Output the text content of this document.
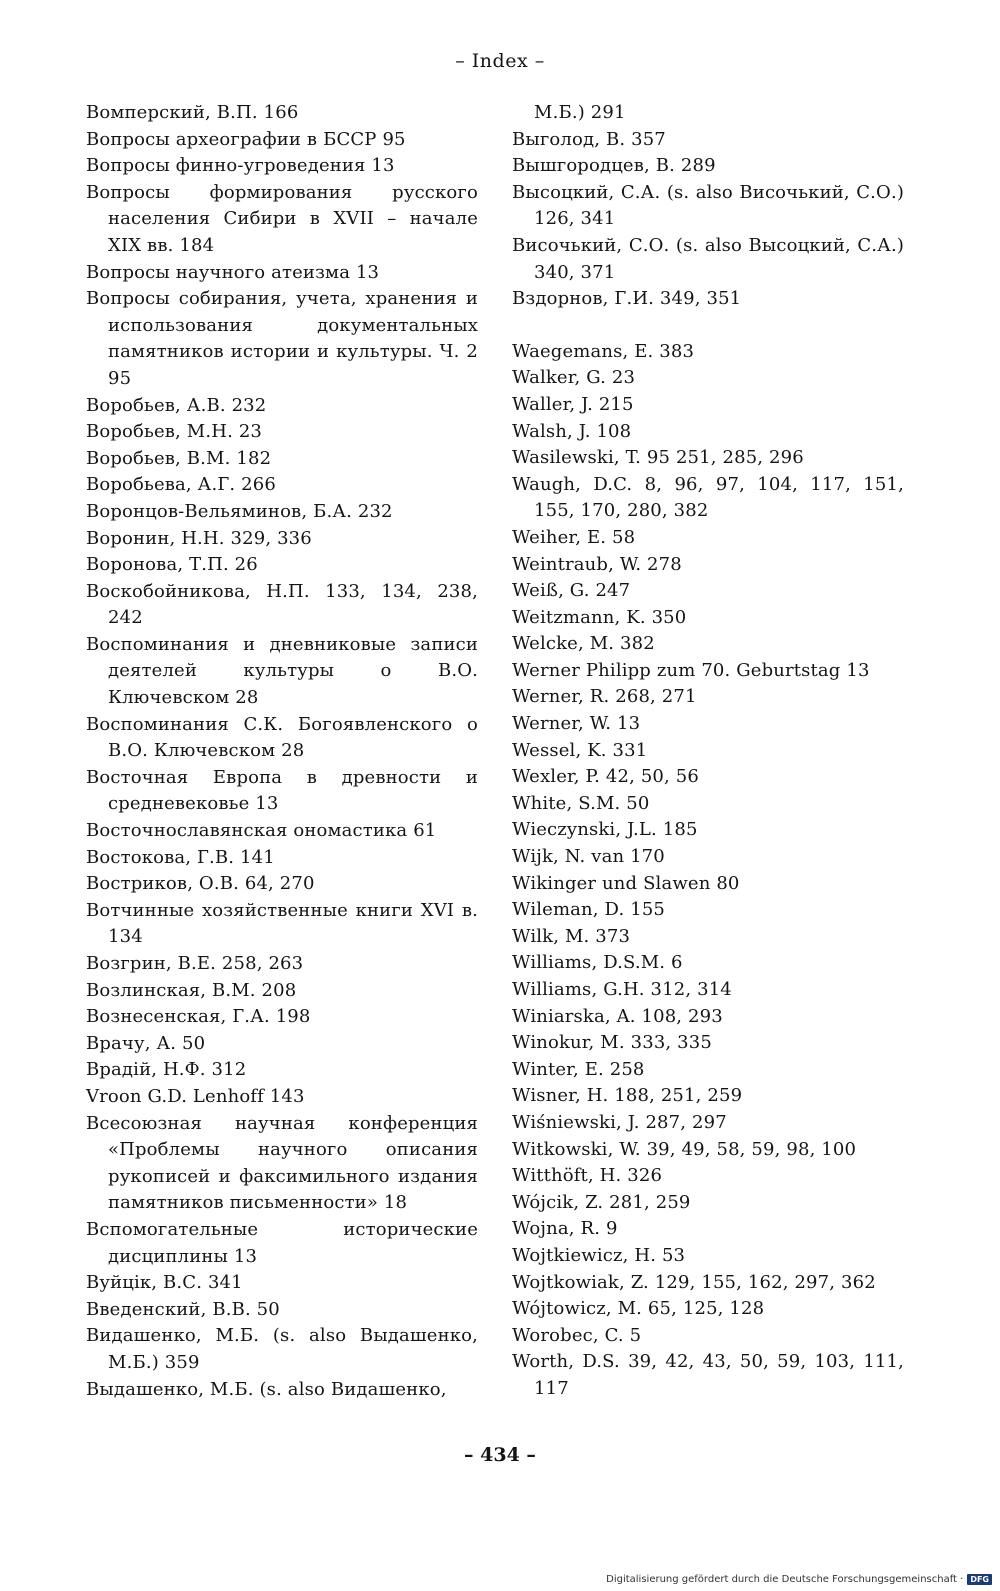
– Index –
Вомперский, В.П. 166
Вопросы археографии в БССР 95
Вопросы финно-угроведения 13
Вопросы формирования русского населения Сибири в XVII – начале XIX вв. 184
Вопросы научного атеизма 13
Вопросы собирания, учета, хранения и использования документальных памятников истории и культуры. Ч. 2 95
Воробьев, А.В. 232
Воробьев, М.Н. 23
Воробьев, В.М. 182
Воробьева, А.Г. 266
Воронцов-Вельяминов, Б.А. 232
Воронин, Н.Н. 329, 336
Воронова, Т.П. 26
Воскобойникова, Н.П. 133, 134, 238, 242
Воспоминания и дневниковые записи деятелей культуры о В.О. Ключевском 28
Воспоминания С.К. Богоявленского о В.О. Ключевском 28
Восточная Европа в древности и средневековье 13
Восточнославянская ономастика 61
Востокова, Г.В. 141
Востриков, О.В. 64, 270
Вотчинные хозяйственные книги XVI в. 134
Возгрин, В.Е. 258, 263
Возлинская, В.М. 208
Вознесенская, Г.А. 198
Врачу, А. 50
Врадій, Н.Ф. 312
Vroon G.D. Lenhoff 143
Всесоюзная научная конференция «Проблемы научного описания рукописей и факсимильного издания памятников письменности» 18
Вспомогательные исторические дисциплины 13
Вуйцік, В.С. 341
Введенский, В.В. 50
Видашенко, М.Б. (s. also Выдашенко, М.Б.) 359
Выдашенко, М.Б. (s. also Видашенко,
М.Б.) 291
Выголод, В. 357
Вышгородцев, В. 289
Высоцкий, С.А. (s. also Височький, С.О.) 126, 341
Височький, С.О. (s. also Высоцкий, С.А.) 340, 371
Вздорнов, Г.И. 349, 351
Waegemans, E. 383
Walker, G. 23
Waller, J. 215
Walsh, J. 108
Wasilewski, T. 95 251, 285, 296
Waugh, D.C. 8, 96, 97, 104, 117, 151, 155, 170, 280, 382
Weiher, E. 58
Weintraub, W. 278
Weiß, G. 247
Weitzmann, K. 350
Welcke, M. 382
Werner Philipp zum 70. Geburtstag 13
Werner, R. 268, 271
Werner, W. 13
Wessel, K. 331
Wexler, P. 42, 50, 56
White, S.M. 50
Wieczynski, J.L. 185
Wijk, N. van 170
Wikinger und Slawen 80
Wileman, D. 155
Wilk, M. 373
Williams, D.S.M. 6
Williams, G.H. 312, 314
Winiarska, A. 108, 293
Winokur, M. 333, 335
Winter, E. 258
Wisner, H. 188, 251, 259
Wiśniewski, J. 287, 297
Witkowski, W. 39, 49, 58, 59, 98, 100
Witthöft, H. 326
Wójcik, Z. 281, 259
Wojna, R. 9
Wojtkiewicz, H. 53
Wojtkowiak, Z. 129, 155, 162, 297, 362
Wójtowicz, M. 65, 125, 128
Worobec, C. 5
Worth, D.S. 39, 42, 43, 50, 59, 103, 111, 117
– 434 –
Digitalisierung gefördert durch die Deutsche Forschungsgemeinschaft · DFG
